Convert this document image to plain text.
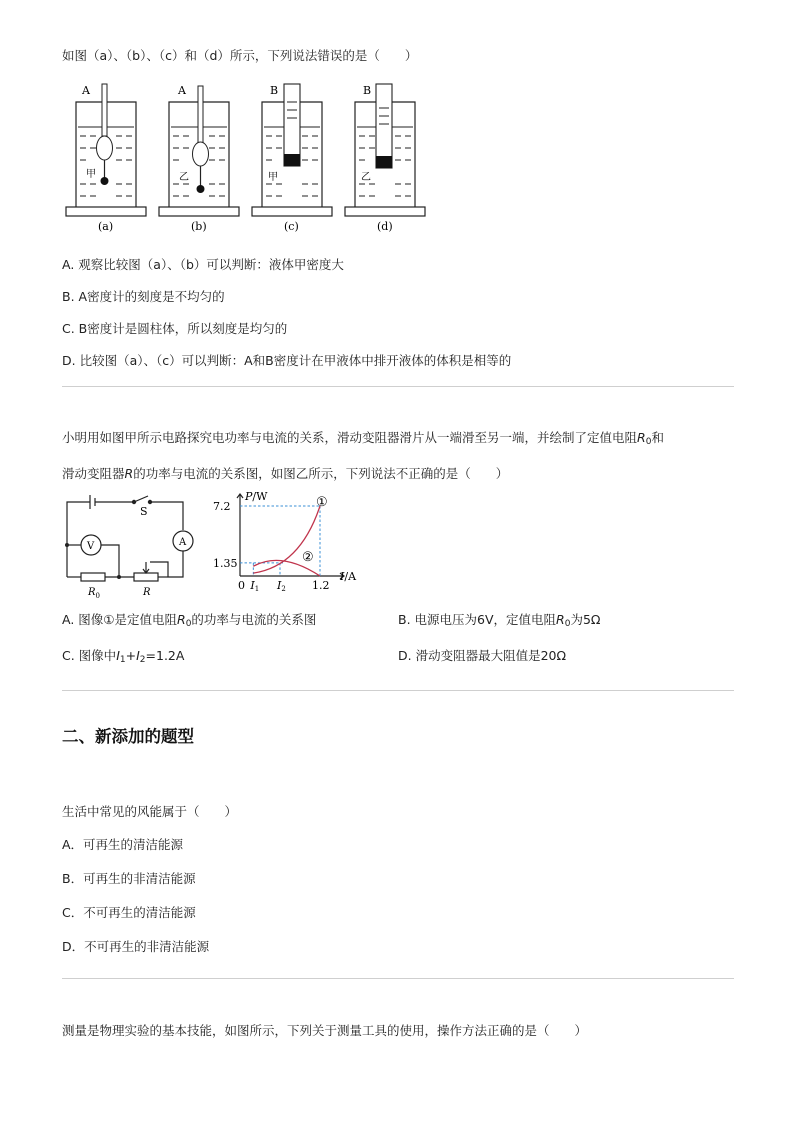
如图（a）、（b）、（c）和（d）所示，下列说法错误的是（　　）
A
甲
(a)
A
乙
(b)
B
甲
(c)
B
乙
(d)
A. 观察比较图（a）、（b）可以判断：液体甲密度大
B. A密度计的刻度是不均匀的
C. B密度计是圆柱体，所以刻度是均匀的
D. 比较图（a）、（c）可以判断：A和B密度计在甲液体中排开液体的体积是相等的
小明用如图甲所示电路探究电功率与电流的关系，滑动变阻器滑片从一端滑至另一端，并绘制了定值电阻$R_0$和
滑动变阻器R的功率与电流的关系图，如图乙所示，下列说法不正确的是（　　）
S
V	A
$R_0$	R
P/W
I/A
7.2
1.35
0 I1 I2 1.2
①
②
A. 图像①是定值电阻$R_0$的功率与电流的关系图	B. 电源电压为6V，定值电阻$R_0$为5Ω
C. 图像中$I_1+I_2=1.2A$	D. 滑动变阻器最大阻值是20Ω
二、新添加的题型
生活中常见的风能属于（　　）
A．可再生的清洁能源
B．可再生的非清洁能源
C．不可再生的清洁能源
D．不可再生的非清洁能源
测量是物理实验的基本技能，如图所示，下列关于测量工具的使用，操作方法正确的是（　　）
